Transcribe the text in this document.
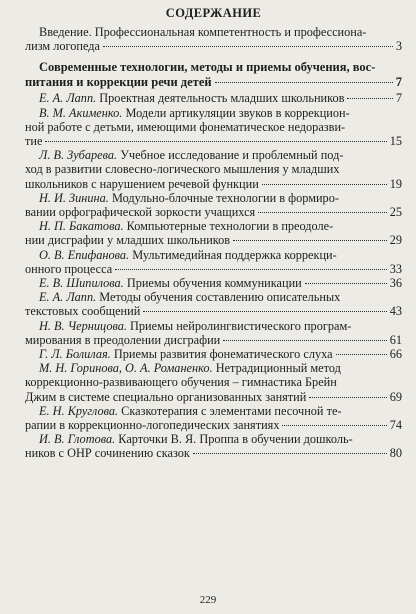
СОДЕРЖАНИЕ
Введение. Профессиональная компетентность и профессиона-
лизм логопеда	3
Современные технологии, методы и приемы обучения, вос-
питания и коррекции речи детей	7
Е. А. Лапп. Проектная деятельность младших школьников	7
В. М. Акименко. Модели артикуляции звуков в коррекцион-
ной работе с детьми, имеющими фонематическое недоразви-
тие	15
Л. В. Зубарева. Учебное исследование и проблемный под-
ход в развитии словесно-логического мышления у младших
школьников с нарушением речевой функции	19
Н. И. Зинина. Модульно-блочные технологии в формиро-
вании орфографической зоркости учащихся	25
Н. П. Бакатова. Компьютерные технологии в преодоле-
нии дисграфии у младших школьников	29
О. В. Епифанова. Мультимедийная поддержка коррекци-
онного процесса	33
Е. В. Шипилова. Приемы обучения коммуникации	36
Е. А. Лапп. Методы обучения составлению описательных
текстовых сообщений	43
Н. В. Черницова. Приемы нейролингвистического програм-
мирования в преодолении дисграфии	61
Г. Л. Болилая. Приемы развития фонематического слуха	66
М. Н. Горинова, О. А. Романенко. Нетрадиционный метод
коррекционно-развивающего обучения – гимнастика Брейн
Джим в системе специально организованных занятий	69
Е. Н. Круглова. Сказкотерапия с элементами песочной те-
рапии в коррекционно-логопедических занятиях	74
И. В. Глотова. Карточки В. Я. Проппа в обучении дошколь-
ников с ОНР сочинению сказок	80
229
